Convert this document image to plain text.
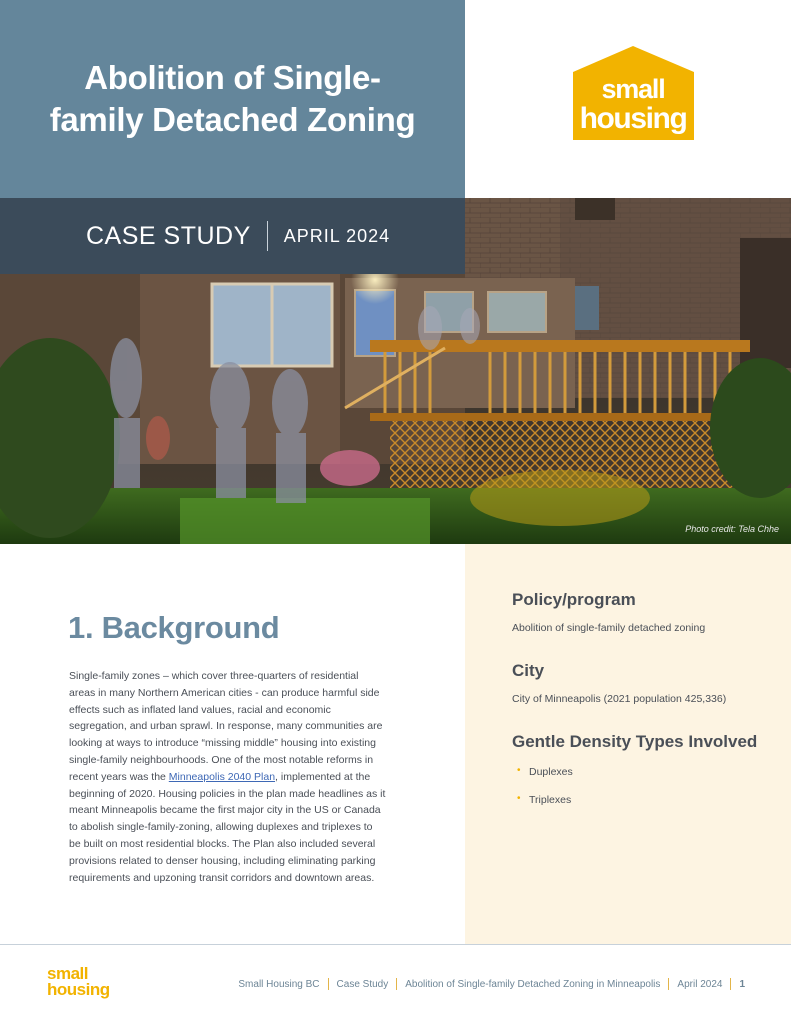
Abolition of Single-family Detached Zoning
small
housing
Photo credit: Tela Chhe
CASE STUDY APRIL 2024
Policy/program
Abolition of single-family detached zoning
City
City of Minneapolis (2021 population 425,336)
Gentle Density Types Involved
• Duplexes
• Triplexes
1. Background
Single-family zones – which cover three-quarters of residential areas in many Northern American cities - can produce harmful side effects such as inflated land values, racial and economic segregation, and urban sprawl. In response, many communities are looking at ways to introduce “missing middle” housing into existing single-family neighbourhoods. One of the most notable reforms in recent years was the Minneapolis 2040 Plan, implemented at the beginning of 2020. Housing policies in the plan made headlines as it meant Minneapolis became the first major city in the US or Canada to abolish single-family-zoning, allowing duplexes and triplexes to be built on most residential blocks. The Plan also included several provisions related to denser housing, including eliminating parking requirements and upzoning transit corridors and downtown areas.
small
housing	Small Housing BC Case Study Abolition of Single-family Detached Zoning in Minneapolis April 2024 1
